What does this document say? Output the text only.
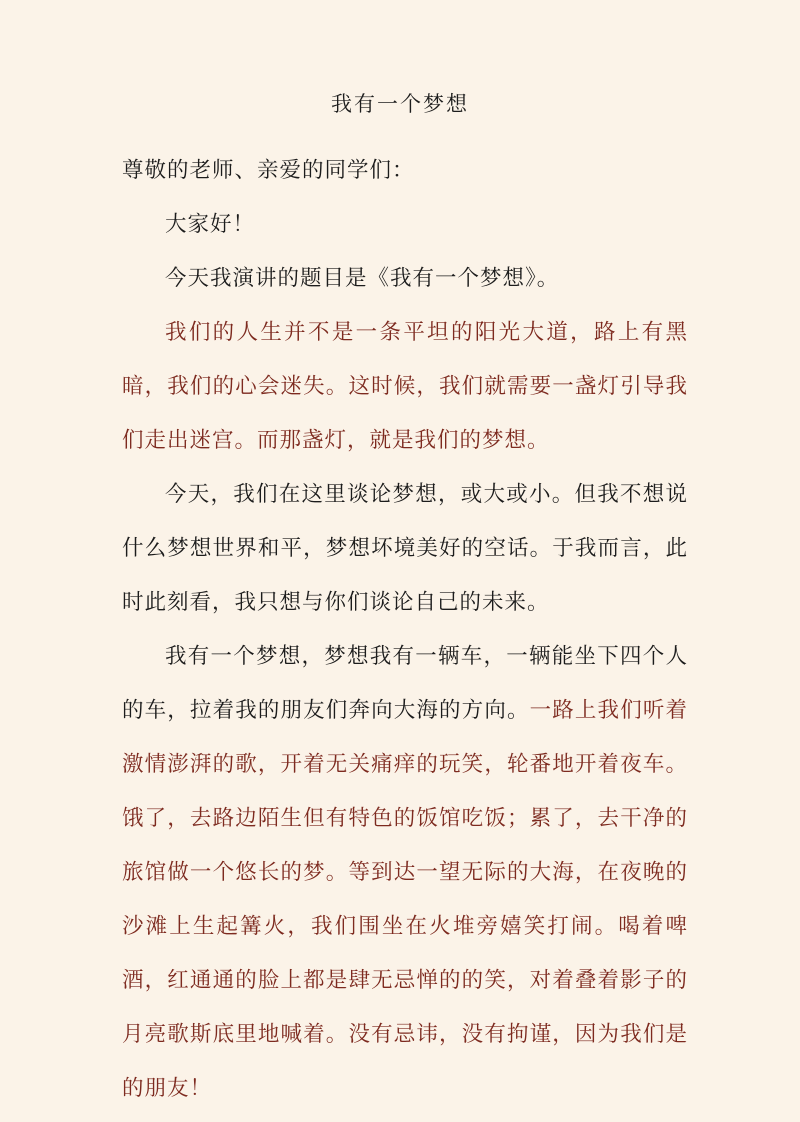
我有一个梦想

尊敬的老师、亲爱的同学们：

大家好！

今天我演讲的题目是《我有一个梦想》。

我们的人生并不是一条平坦的阳光大道，路上有黑暗，我们的心会迷失。这时候，我们就需要一盏灯引导我们走出迷宫。而那盏灯，就是我们的梦想。

今天，我们在这里谈论梦想，或大或小。但我不想说什么梦想世界和平，梦想坏境美好的空话。于我而言，此时此刻看，我只想与你们谈论自己的未来。

我有一个梦想，梦想我有一辆车，一辆能坐下四个人的车，拉着我的朋友们奔向大海的方向。一路上我们听着激情澎湃的歌，开着无关痛痒的玩笑，轮番地开着夜车。饿了，去路边陌生但有特色的饭馆吃饭；累了，去干净的旅馆做一个悠长的梦。等到达一望无际的大海，在夜晚的沙滩上生起篝火，我们围坐在火堆旁嬉笑打闹。喝着啤酒，红通通的脸上都是肆无忌惮的的笑，对着叠着影子的月亮歌斯底里地喊着。没有忌讳，没有拘谨，因为我们是的朋友！
